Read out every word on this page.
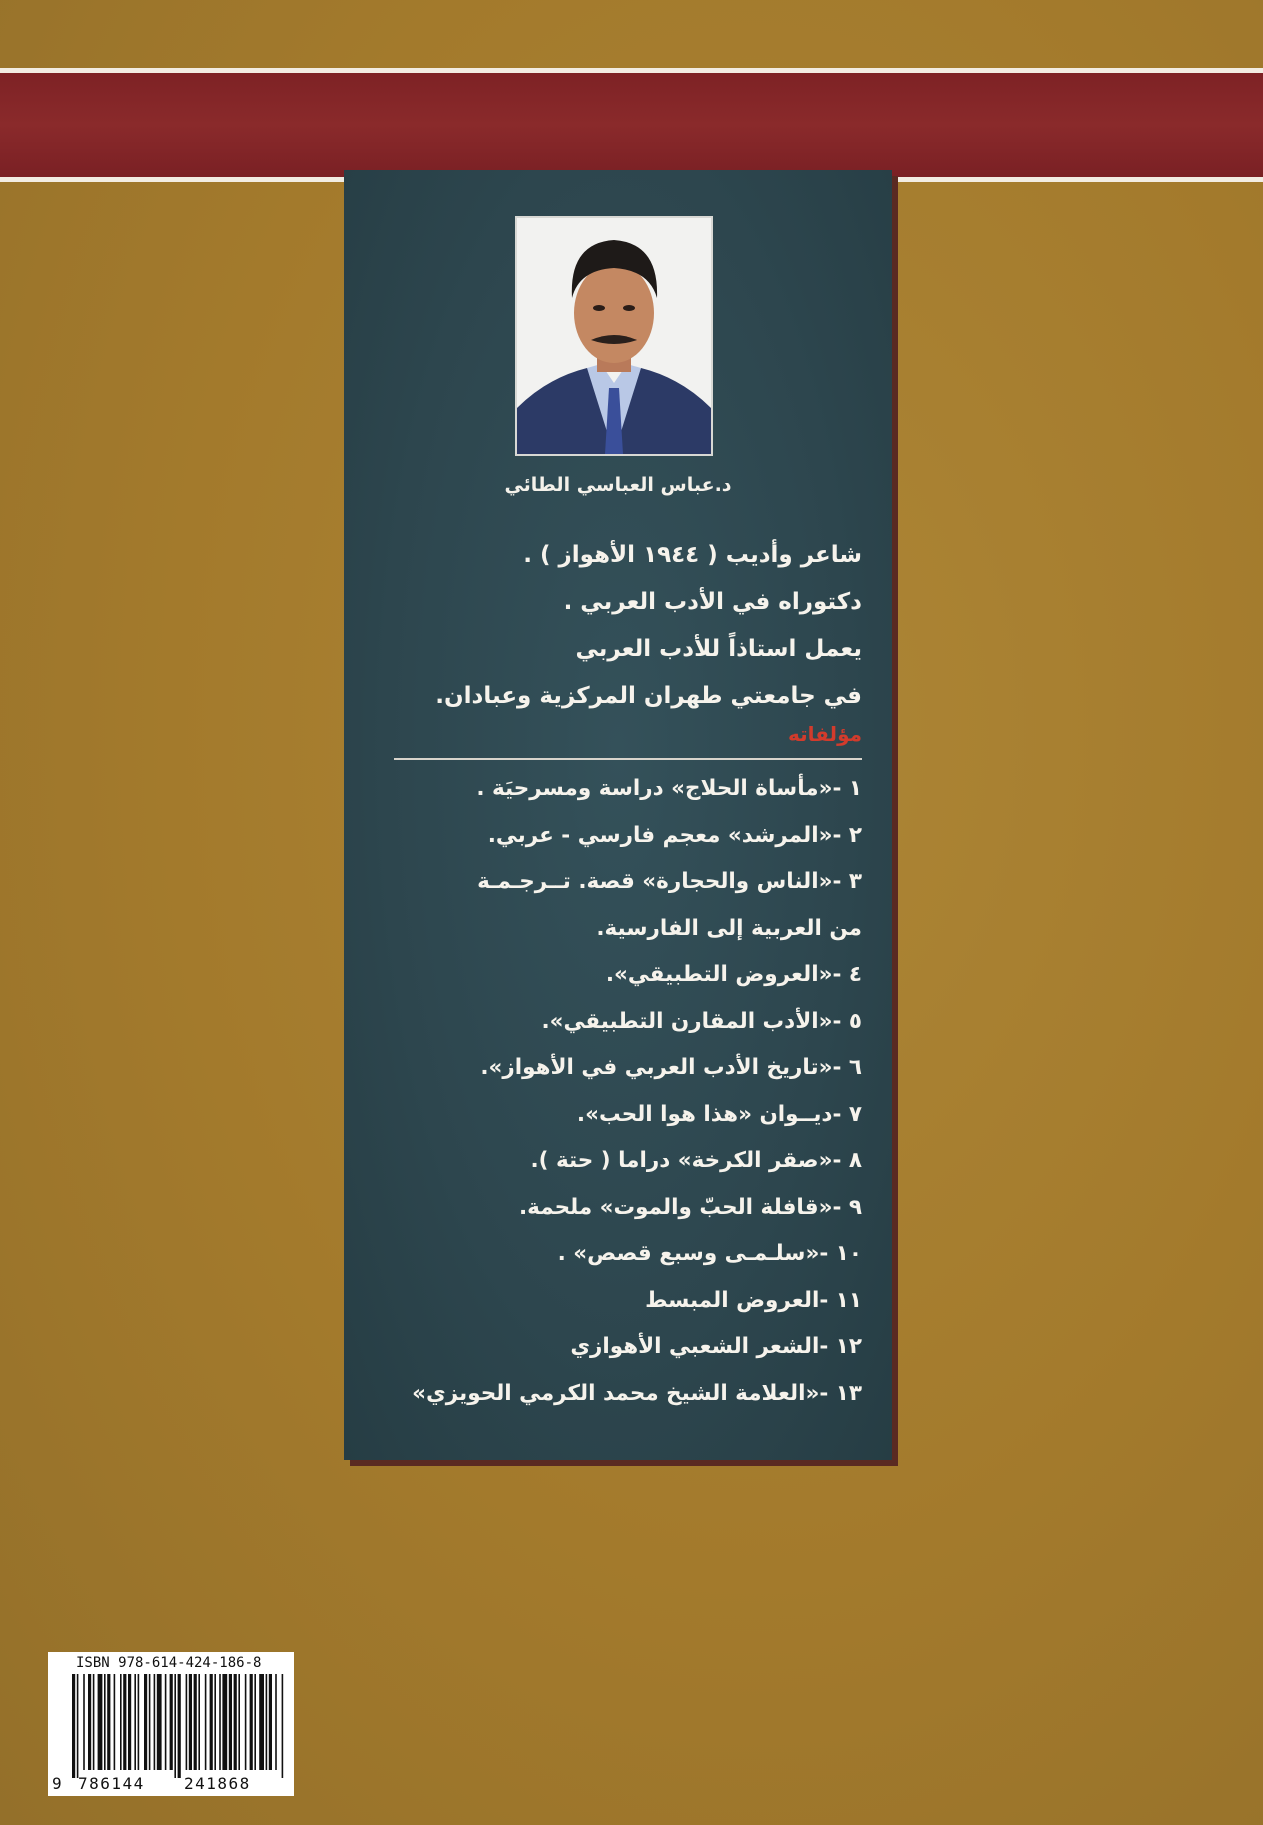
د.عباس العباسي الطائي
شاعر وأديب ( ١٩٤٤ الأهواز ) .
دكتوراه في الأدب العربي .
يعمل استاذاً للأدب العربي
في جامعتي طهران المركزية وعبادان.
مؤلفاته
١ -«مأساة الحلاج» دراسة ومسرحيَة .
٢ -«المرشد» معجم فارسي - عربي.
٣ -«الناس والحجارة» قصة. تــرجـمـة
من العربية إلى الفارسية.
٤ -«العروض التطبيقي».
٥ -«الأدب المقارن التطبيقي».
٦ -«تاريخ الأدب العربي في الأهواز».
٧ -ديــوان «هذا هوا الحب».
٨ -«صقر الكرخة» دراما ( حتة ).
٩ -«قافلة الحبّ والموت» ملحمة.
١٠ -«سلـمـى وسبع قصص» .
١١ -العروض المبسط
١٢ -الشعر الشعبي الأهوازي
١٣ -«العلامة الشيخ محمد الكرمي الحويزي»
ISBN 978-614-424-186-8
9 786144 241868
